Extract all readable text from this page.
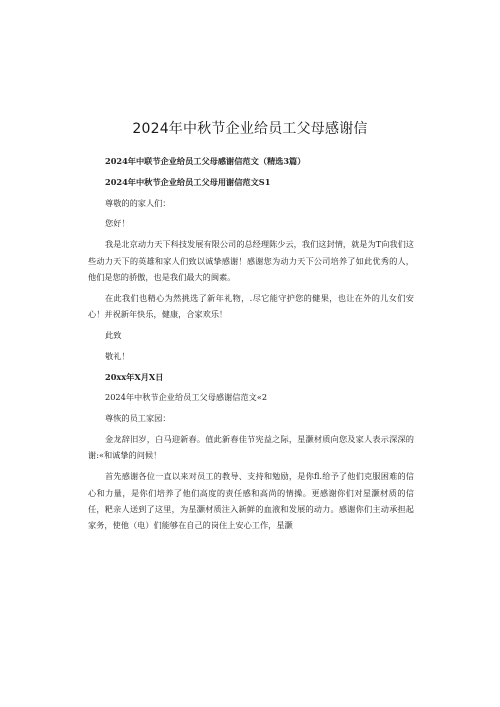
2024年中秋节企业给员工父母感谢信

2024年中联节企业给员工父母感谢信范文（精选3篇）

2024年中秋节企业给员工父母用谢信范文S1

尊敬的的家人们：

您好！

我是北京动力天下科技发展有限公司的总经理陈少云，我们这封情，就是为T向我们这些动力天下的英雄和家人们致以诚挚感谢！感谢您为动力天下公司培养了如此优秀的人，他们是您的骄傲，也是我们最大的闽素。

在此我们也精心为然挑选了新年礼物，.尽它能守护您的健果，也让在外的儿女们安心！并祝新年快乐，健康，合家欢乐！

此致

敬礼！

20xx年X月X日

2024年中秋节企业给员工父母感谢信范文«2

尊恢的员工家园：

金龙辞旧岁，白马迎新春。值此新春佳节宪益之际，星灏材质向您及家人表示深深的谢:«和诚挚的问候！

首先感谢各位一直以来对员工的教导、支持和勉励，是你fl.给予了他们克服困难的信心和力量，是你们培养了他们高度的责任感和高尚的情操。更感谢你们对星灏材质的信任，粑亲人送到了这里，为星灏材质注入新鲜的血液和发展的动力。感谢你们主动承担起家务，使他（电）们能够在自己的岗住上安心工作，星灏
